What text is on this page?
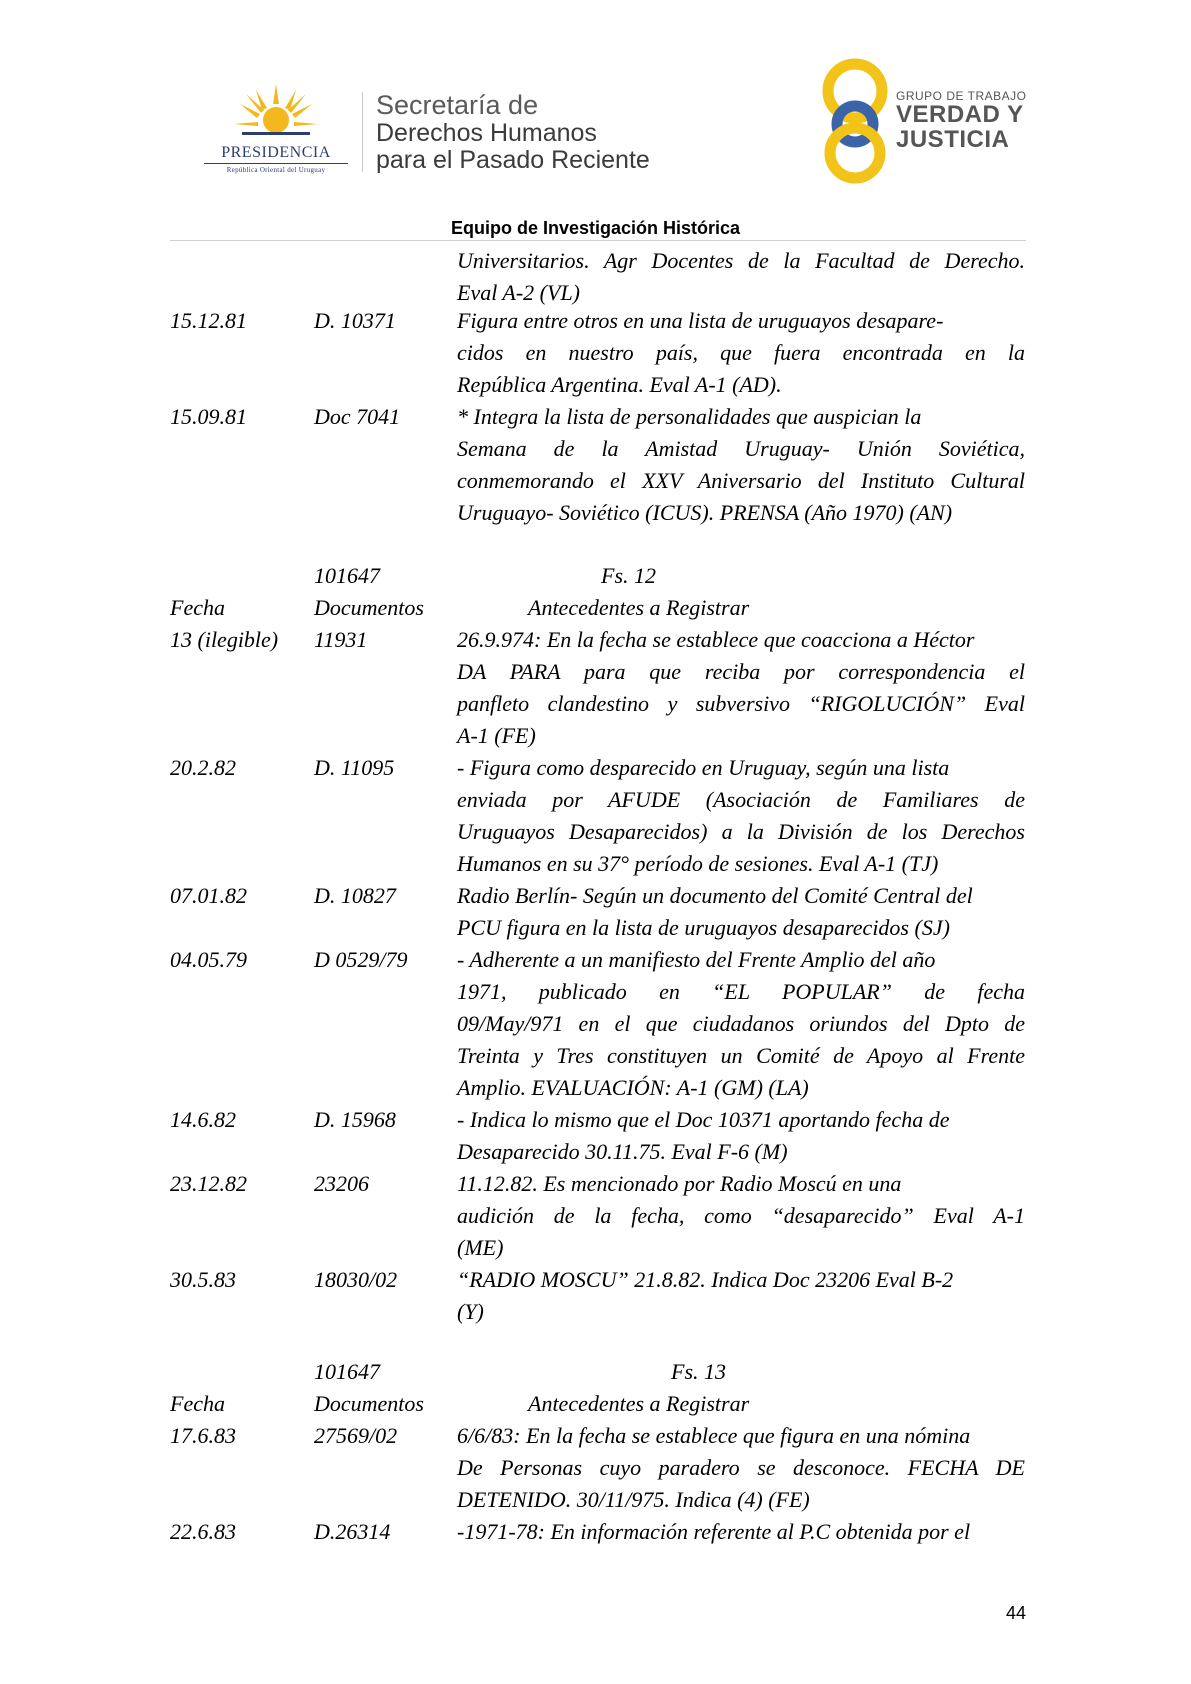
PRESIDENCIA
República Oriental del Uruguay
Secretaría de
Derechos Humanos
para el Pasado Reciente
GRUPO DE TRABAJO
VERDAD Y
JUSTICIA
Equipo de Investigación Histórica
Universitarios. Agr Docentes de la Facultad de Derecho.
Eval A-2 (VL)
15.12.81	D. 10371	Figura entre otros en una lista de uruguayos desapare-
cidos en nuestro país, que fuera encontrada en la
República Argentina. Eval A-1 (AD).
15.09.81	Doc 7041	* Integra la lista de personalidades que auspician la
Semana de la Amistad Uruguay- Unión Soviética,
conmemorando el XXV Aniversario del Instituto Cultural
Uruguayo- Soviético (ICUS). PRENSA (Año 1970) (AN)
101647	Fs. 12
Fecha	Documentos	Antecedentes a Registrar
13 (ilegible) 11931	26.9.974: En la fecha se establece que coacciona a Héctor
DA PARA para que reciba por correspondencia el
panfleto clandestino y subversivo “RIGOLUCIÓN” Eval
A-1 (FE)
20.2.82	D. 11095	- Figura como desparecido en Uruguay, según una lista
enviada por AFUDE (Asociación de Familiares de
Uruguayos Desaparecidos) a la División de los Derechos
Humanos en su 37° período de sesiones. Eval A-1 (TJ)
07.01.82	D. 10827	Radio Berlín- Según un documento del Comité Central del
PCU figura en la lista de uruguayos desaparecidos (SJ)
04.05.79	D 0529/79 - Adherente a un manifiesto del Frente Amplio del año
1971, publicado en “EL POPULAR” de fecha
09/May/971 en el que ciudadanos oriundos del Dpto de
Treinta y Tres constituyen un Comité de Apoyo al Frente
Amplio. EVALUACIÓN: A-1 (GM) (LA)
14.6.82	D. 15968	- Indica lo mismo que el Doc 10371 aportando fecha de
Desaparecido 30.11.75. Eval F-6 (M)
23.12.82	23206	11.12.82. Es mencionado por Radio Moscú en una
audición de la fecha, como “desaparecido” Eval A-1
(ME)
30.5.83	18030/02	“RADIO MOSCU” 21.8.82. Indica Doc 23206 Eval B-2
(Y)
101647	Fs. 13
Fecha	Documentos	Antecedentes a Registrar
17.6.83	27569/02	6/6/83: En la fecha se establece que figura en una nómina
De Personas cuyo paradero se desconoce. FECHA DE
DETENIDO. 30/11/975. Indica (4) (FE)
22.6.83	D.26314	-1971-78: En información referente al P.C obtenida por el
44
